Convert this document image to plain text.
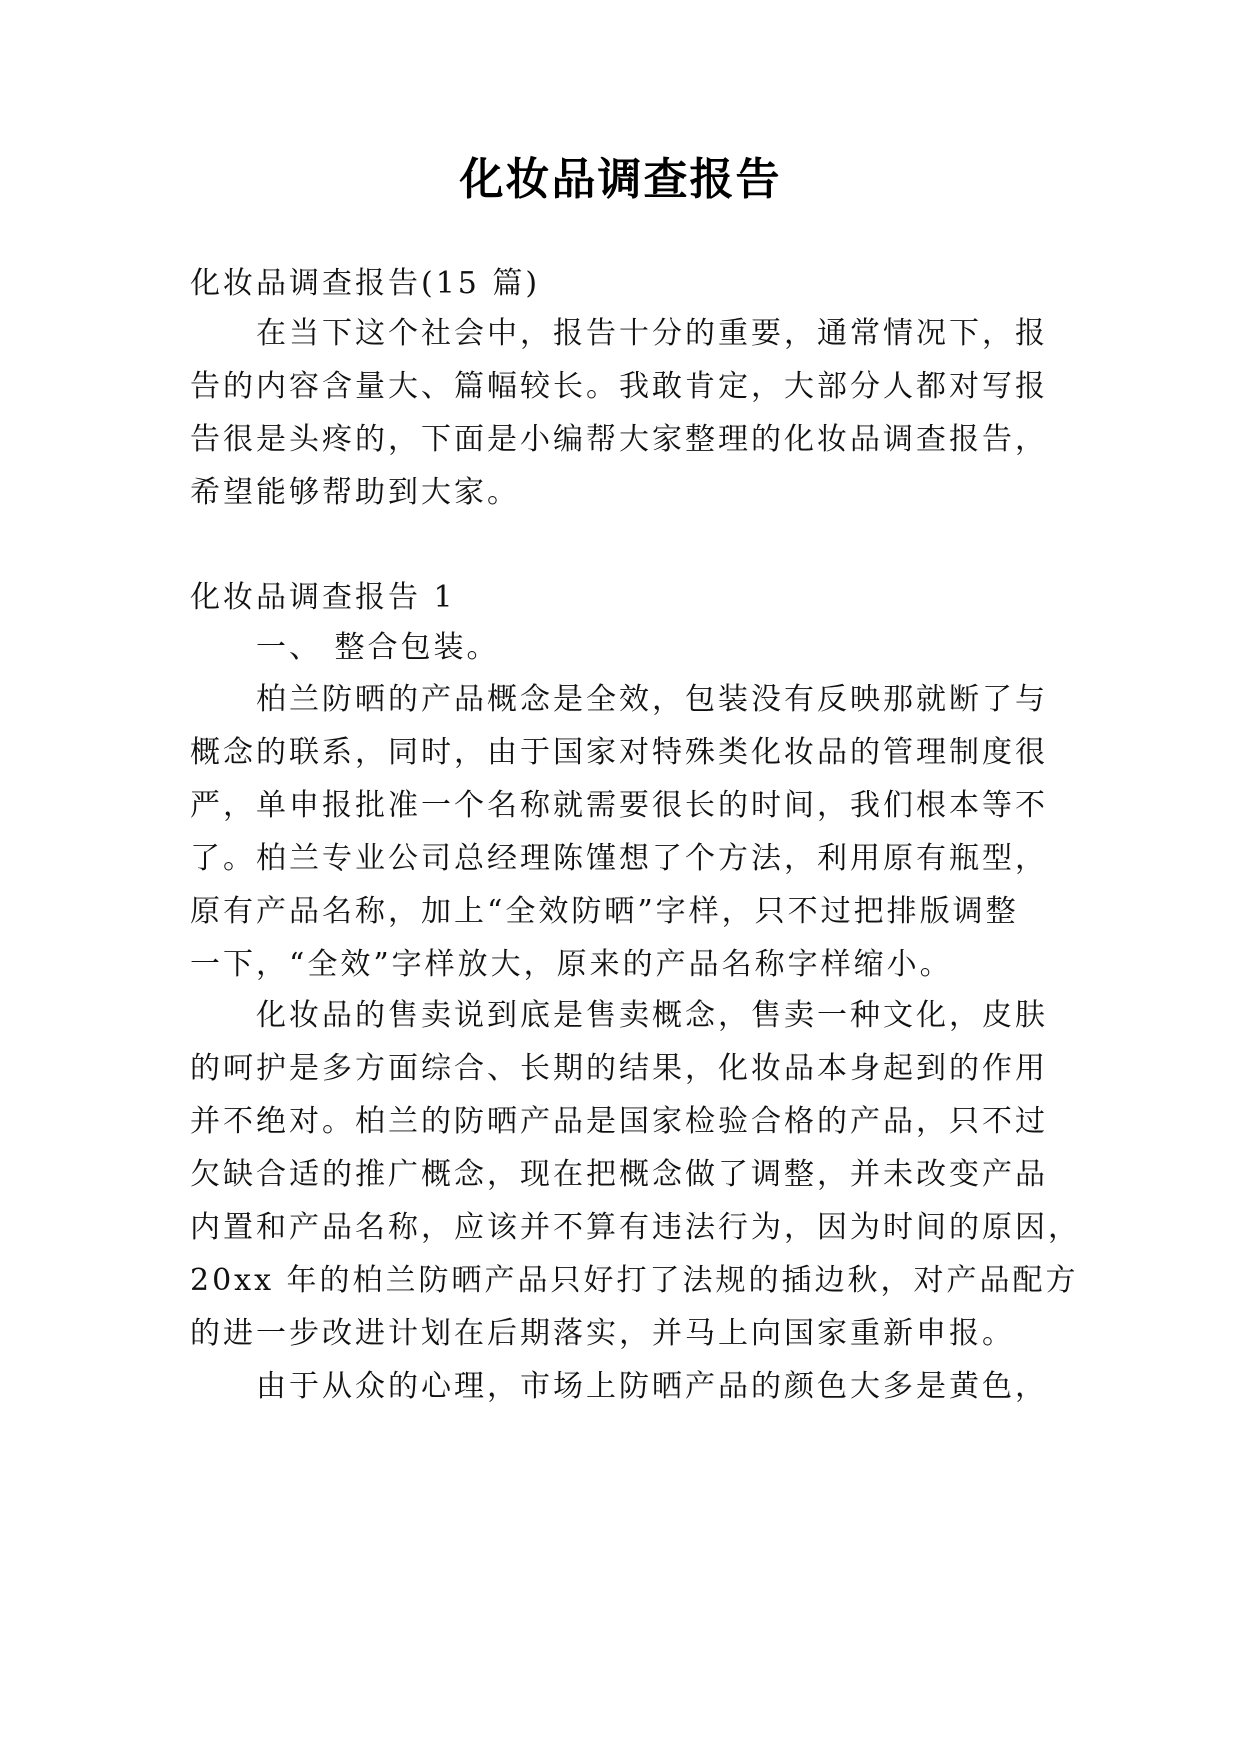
化妆品调查报告
化妆品调查报告(15 篇)
在当下这个社会中，报告十分的重要，通常情况下，报
告的内容含量大、篇幅较长。我敢肯定，大部分人都对写报
告很是头疼的，下面是小编帮大家整理的化妆品调查报告，
希望能够帮助到大家。
化妆品调查报告 1
一、 整合包装。
柏兰防晒的产品概念是全效，包装没有反映那就断了与
概念的联系，同时，由于国家对特殊类化妆品的管理制度很
严，单申报批准一个名称就需要很长的时间，我们根本等不
了。柏兰专业公司总经理陈馑想了个方法，利用原有瓶型，
原有产品名称，加上“全效防晒”字样，只不过把排版调整
一下，“全效”字样放大，原来的产品名称字样缩小。
化妆品的售卖说到底是售卖概念，售卖一种文化，皮肤
的呵护是多方面综合、长期的结果，化妆品本身起到的作用
并不绝对。柏兰的防晒产品是国家检验合格的产品，只不过
欠缺合适的推广概念，现在把概念做了调整，并未改变产品
内置和产品名称，应该并不算有违法行为，因为时间的原因，
20xx 年的柏兰防晒产品只好打了法规的插边秋，对产品配方
的进一步改进计划在后期落实，并马上向国家重新申报。
由于从众的心理，市场上防晒产品的颜色大多是黄色，
